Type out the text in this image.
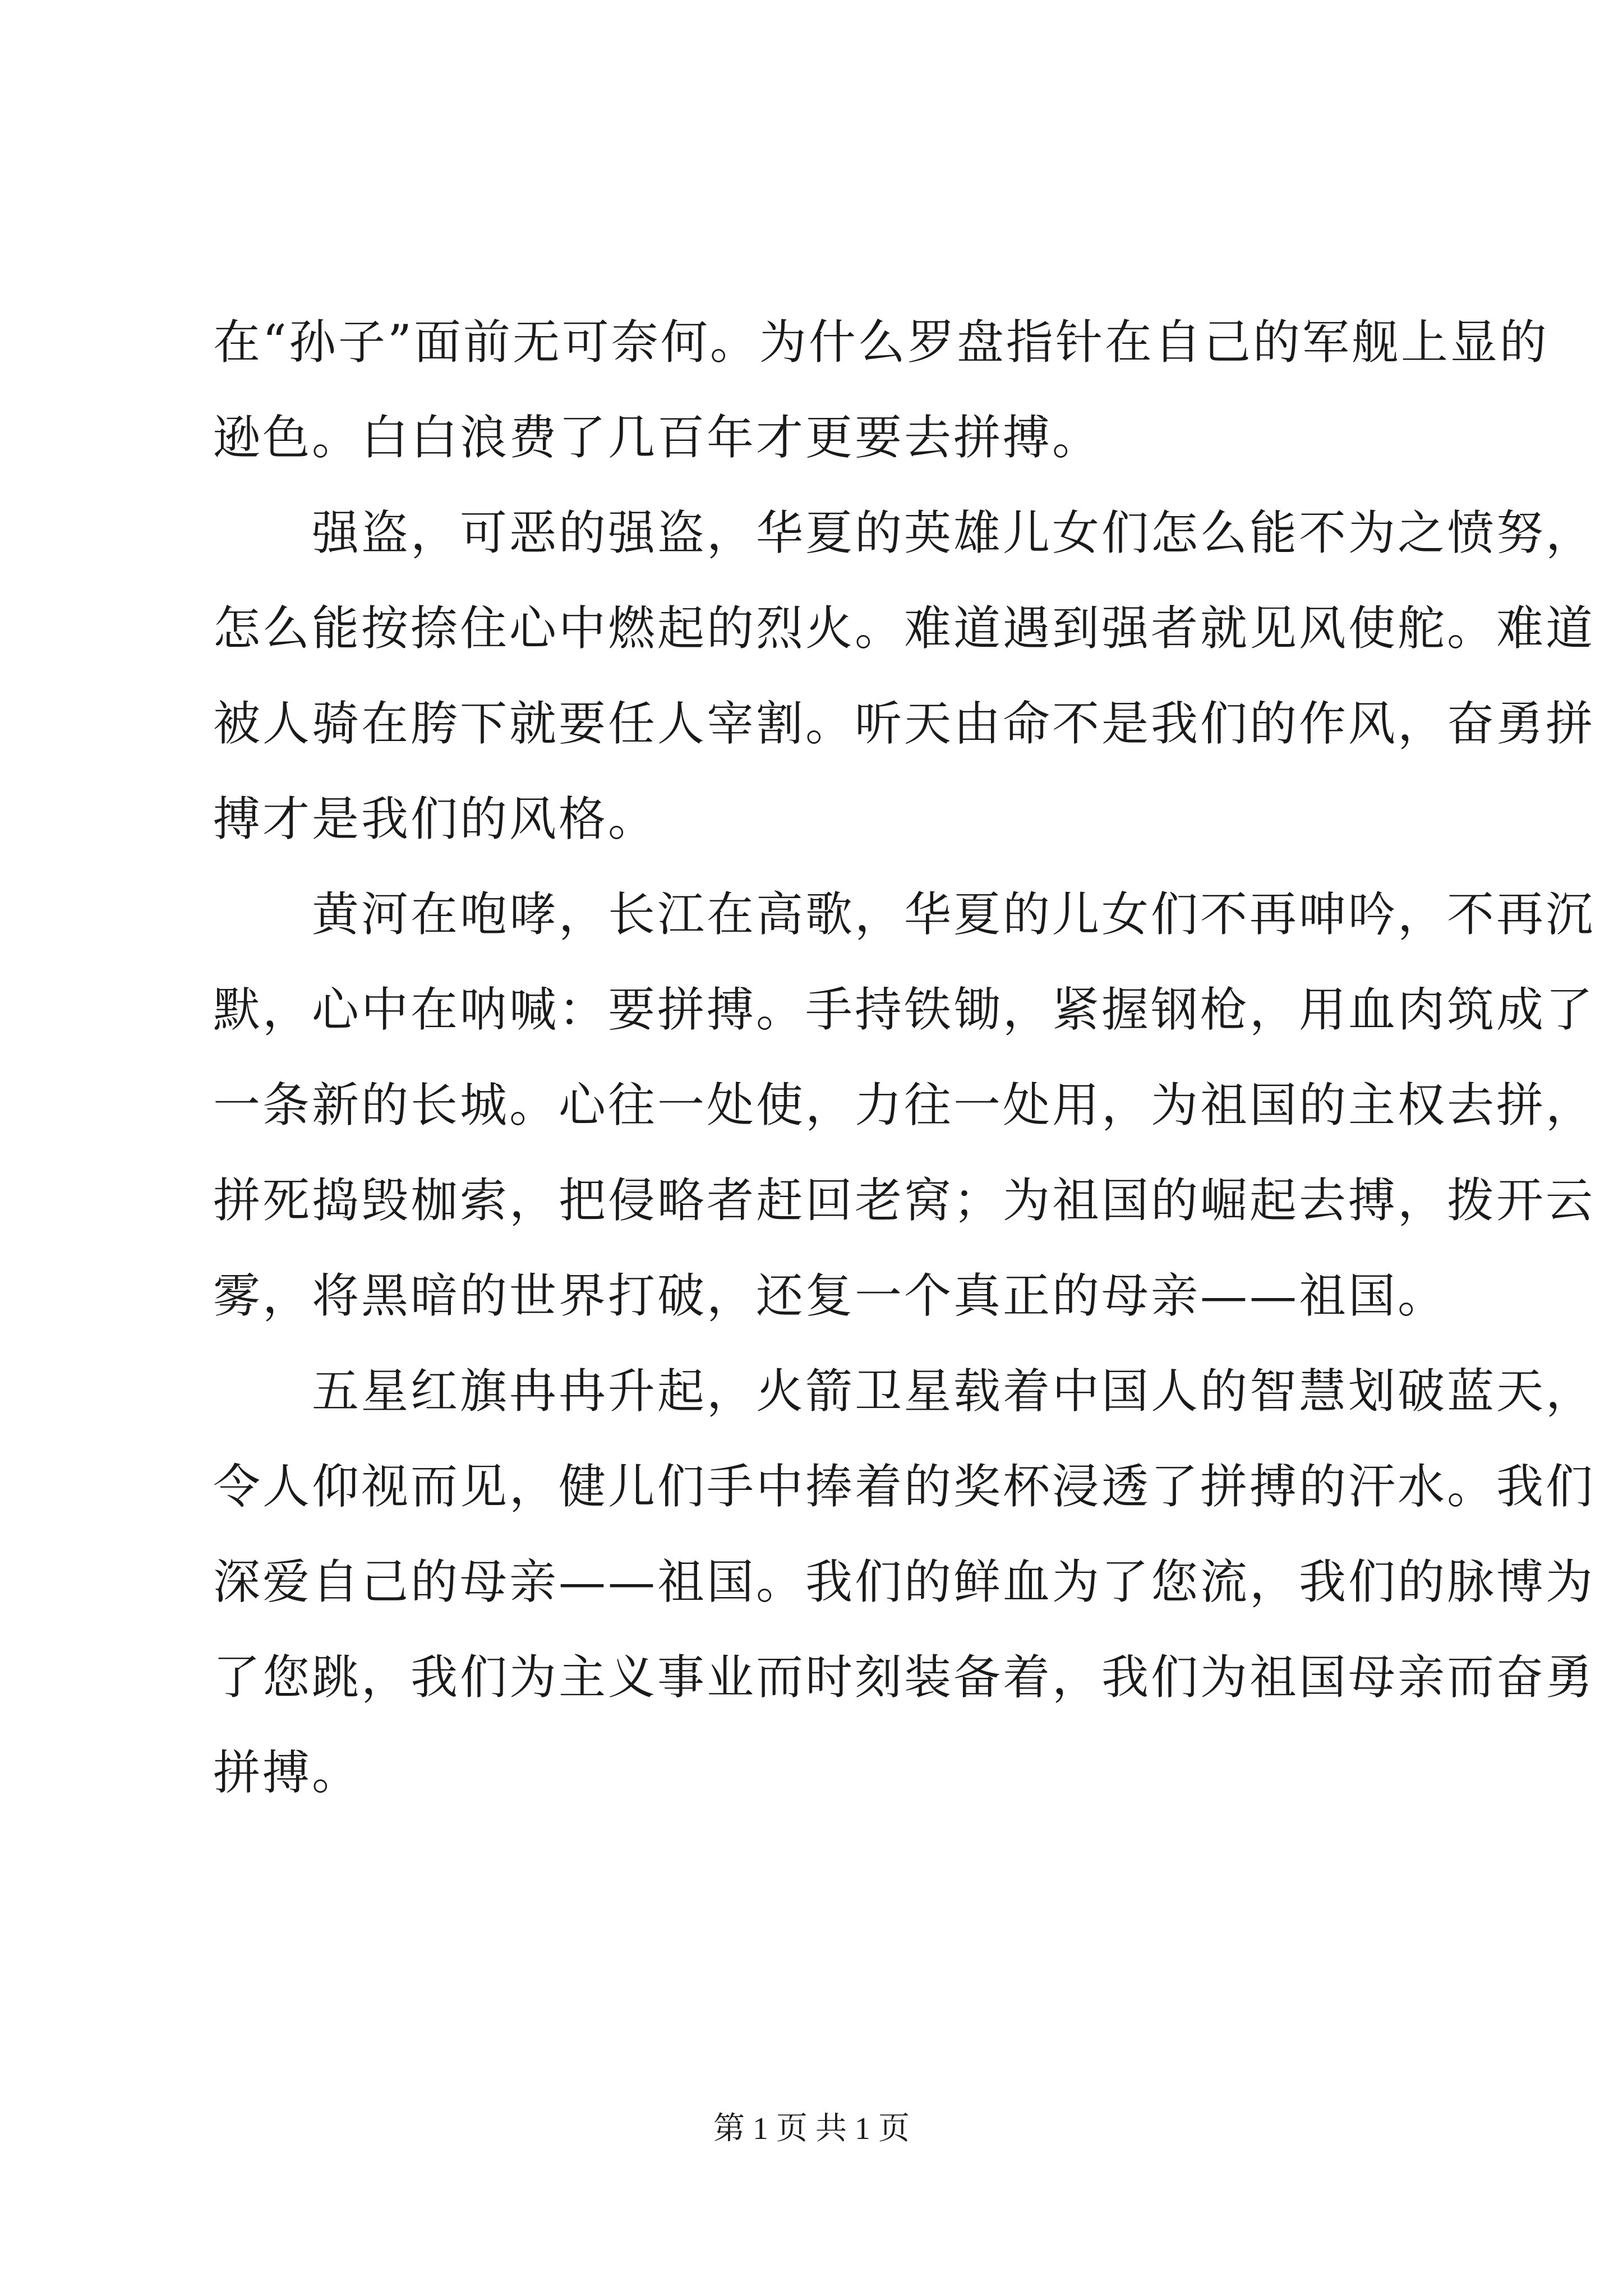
在“孙子”面前无可奈何。为什么罗盘指针在自己的军舰上显的
逊色。白白浪费了几百年才更要去拼搏。
强盗，可恶的强盗，华夏的英雄儿女们怎么能不为之愤努，
怎么能按捺住心中燃起的烈火。难道遇到强者就见风使舵。难道
被人骑在胯下就要任人宰割。听天由命不是我们的作风，奋勇拼
搏才是我们的风格。
黄河在咆哮，长江在高歌，华夏的儿女们不再呻吟，不再沉
默，心中在呐喊：要拼搏。手持铁锄，紧握钢枪，用血肉筑成了
一条新的长城。心往一处使，力往一处用，为祖国的主权去拼，
拼死捣毁枷索，把侵略者赶回老窝；为祖国的崛起去搏，拨开云
雾，将黑暗的世界打破，还复一个真正的母亲——祖国。
五星红旗冉冉升起，火箭卫星载着中国人的智慧划破蓝天，
令人仰视而见，健儿们手中捧着的奖杯浸透了拼搏的汗水。我们
深爱自己的母亲——祖国。我们的鲜血为了您流，我们的脉博为
了您跳，我们为主义事业而时刻装备着，我们为祖国母亲而奋勇
拼搏。
第 1 页 共 1 页
